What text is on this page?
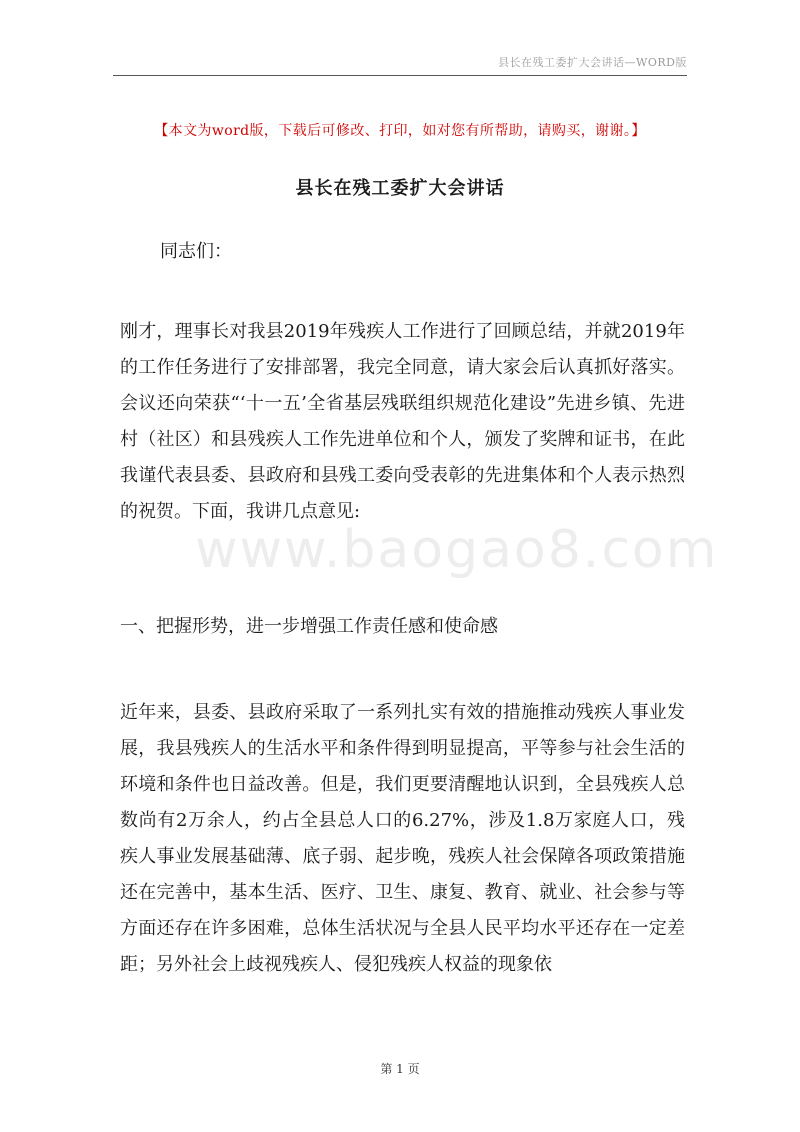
县长在残工委扩大会讲话—WORD版
【本文为word版，下载后可修改、打印，如对您有所帮助，请购买，谢谢。】
县长在残工委扩大会讲话
同志们：

刚才，理事长对我县2019年残疾人工作进行了回顾总结，并就2019年的工作任务进行了安排部署，我完全同意，请大家会后认真抓好落实。会议还向荣获“‘十一五’全省基层残联组织规范化建设”先进乡镇、先进村（社区）和县残疾人工作先进单位和个人，颁发了奖牌和证书，在此我谨代表县委、县政府和县残工委向受表彰的先进集体和个人表示热烈的祝贺。下面，我讲几点意见:

www.baogao8.com
一、把握形势，进一步增强工作责任感和使命感

近年来，县委、县政府采取了一系列扎实有效的措施推动残疾人事业发展，我县残疾人的生活水平和条件得到明显提高，平等参与社会生活的环境和条件也日益改善。但是，我们更要清醒地认识到，全县残疾人总数尚有2万余人，约占全县总人口的6.27%，涉及1.8万家庭人口，残疾人事业发展基础薄、底子弱、起步晚，残疾人社会保障各项政策措施还在完善中，基本生活、医疗、卫生、康复、教育、就业、社会参与等方面还存在许多困难，总体生活状况与全县人民平均水平还存在一定差距；另外社会上歧视残疾人、侵犯残疾人权益的现象依

第 1 页
